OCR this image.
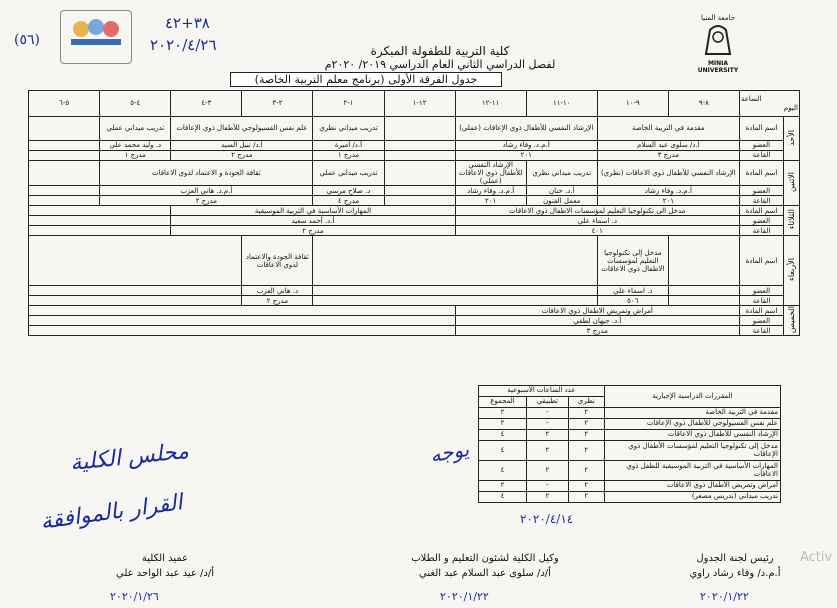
(٥٦)
٣٨+٤٢
٢٠٢٠/٤/٢٦	كلية التربية للطفولة المبكرة
لفصل الدراسي الثاني العام الدراسي ٢٠١٩/ ٢٠٢٠م
جدول الفرقة الأولى (برنامج معلم التربية الخاصة)
جامعة المنيا
MINIA UNIVERSITY
الساعة
اليوم		٨-٩	٩-١٠	١٠-١١	١١-١٢	١٢-١	١-٢	٢-٣	٣-٤	٤-٥	٥-٦
الأحد	اسم المادة	مقدمة في التربية الخاصة		الإرشاد النفسي للأطفال ذوي الإعاقات (عملي)			تدريب ميداني نظري	علم نفس الفسيولوجي للأطفال ذوي الإعاقات		تدريب ميداني عملي	
	العضو	أ.د/ سلوى عبد السلام		أ.م.د. وفاء رشاد			أ.د/ أميرة	أ.د/ نبيل السيد		د. وليد محمد علي	
	القاعة	مدرج ٣		٢٠١			مدرج ١	مدرج ٢		مدرج ١	
الاثنين	اسم المادة	الإرشاد النفسي للأطفال ذوي الاعاقات (نظري)		تدريب ميداني نظري	الإرشاد النفسي للأطفال ذوي الاعاقات (عملي)		تدريب ميداني عملي	ثقافة الجودة و الاعتماد لذوي الاعاقات			
	العضو	أ.م.د. وفاء رشاد		أ.د. حنان	أ.م.د. وفاء رشاد		د. صلاح مرسي	أ.م.د. هاني العزب			
	القاعة	٢٠١		معمل الفنون	٢٠١		مدرج ٤	مدرج ٢			
الثلاثاء	اسم المادة	مدخل الى تكنولوجيا التعليم لمؤسسات الاطفال ذوي الاعاقات				المهارات الأساسية في التربية الموسيقية					
	العضو	د. اسماء علي				أ.د. أحمد سعيد					
	القاعة	٤٠١				مدرج ٢					
الأربعاء	اسم المادة		مدخل إلى تكنولوجيا التعليم لمؤسسات الاطفال ذوي الاعاقات					ثقافة الجودة والاعتماد لذوي الاعاقات			
	العضو		د. اسماء علي					د. هاني العزب			
	القاعة		٥٠٦					مدرج ٢			
الخميس	اسم المادة	أمراض وتمريض الاطفال ذوي الاعاقات									
	العضو	أ.د. جيهان لطفي									
	القاعة	مدرج ٣									
المقررات الدراسية الإجبارية	عدد الساعات الأسبوعية		
	نظري	تطبيقي	المجموع
مقدمة في التربية الخاصة	٢	-	٢
علم نفس الفسيولوجي للأطفال ذوي الإعاقات	٢	-	٢
الإرشاد النفسي للأطفال ذوي الاعاقات	٢	٢	٤
مدخل إلى تكنولوجيا التعليم لمؤسسات الأطفال ذوي الإعاقات	٢	٢	٤
المهارات الأساسية في التربية الموسيقية للطفل ذوي الاعاقات	٢	٢	٤
أمراض وتمريض الأطفال ذوي الاعاقات	٢	-	٢
تدريب ميداني (تدريس مصغر)	٢	٢	٤
محلس الكلية
القرار بالموافقة
يوجه
٢٠٢٠/٤/١٤
عميد الكلية
أ/د/ عيد عبد الواحد علي
٢٠٢٠/١/٢٦
وكيل الكلية لشئون التعليم و الطلاب
أ/د/ سلوى عبد السلام عبد الغني
٢٠٢٠/١/٢٢
رئيس لجنة الجدول
أ.م.د/ وفاء رشاد راوي
٢٠٢٠/١/٢٢
Activ
